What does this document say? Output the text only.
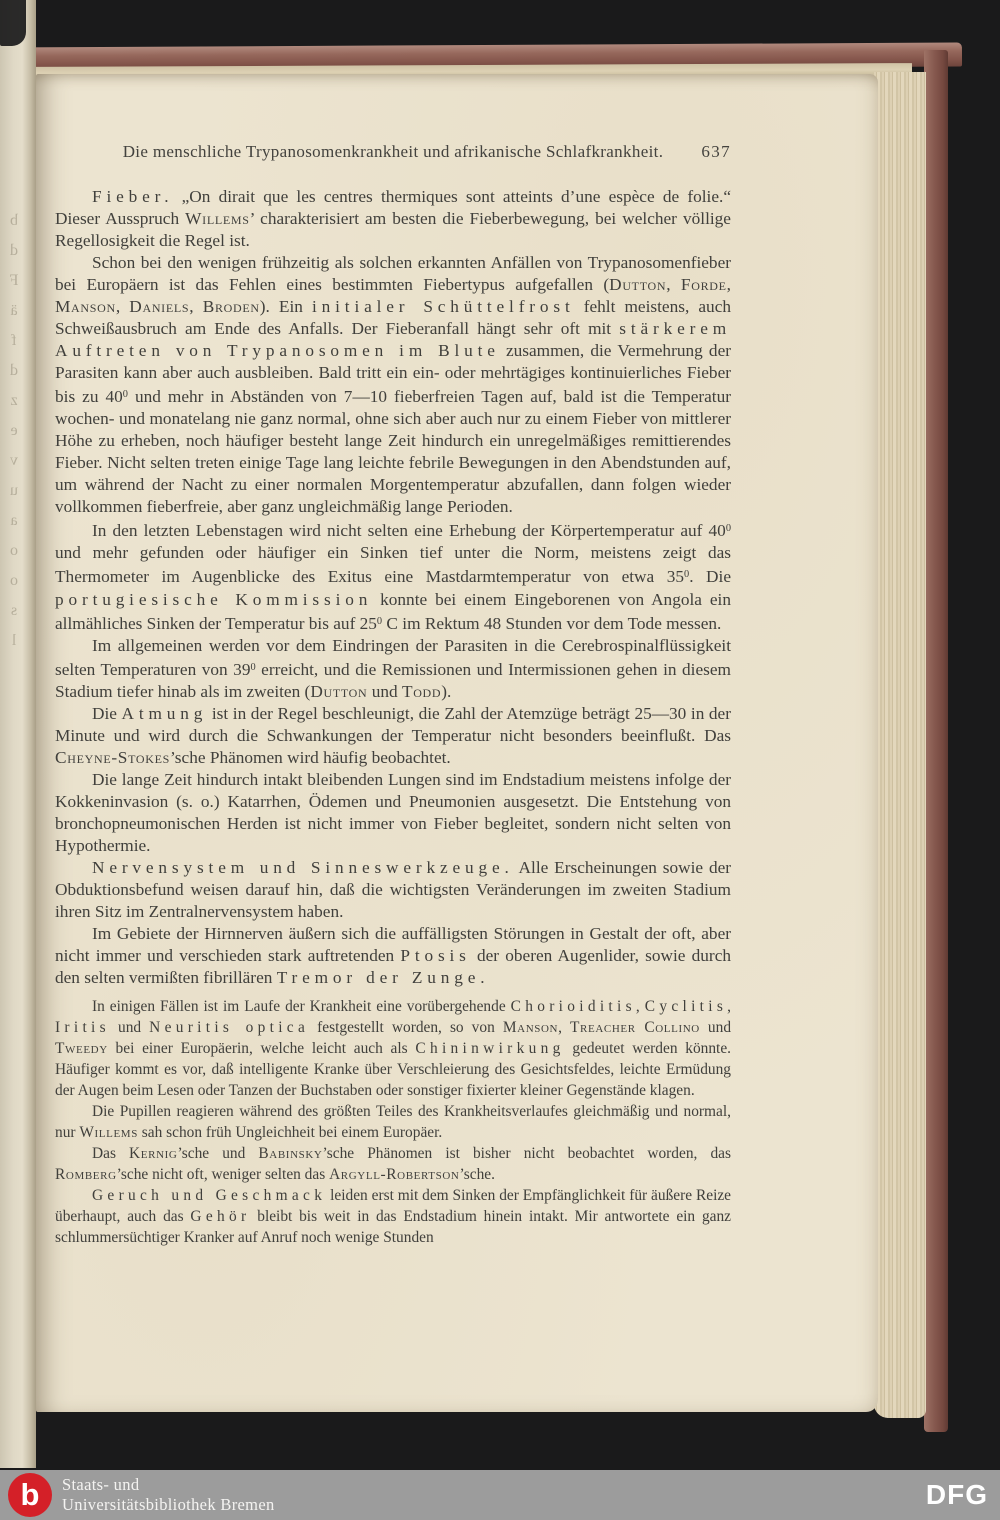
Die menschliche Trypanosomenkrankheit und afrikanische Schlafkrankheit. 637

Fieber. „On dirait que les centres thermiques sont atteints d’une espèce de folie.“ Dieser Ausspruch Willems’ charakterisiert am besten die Fieberbewegung, bei welcher völlige Regellosigkeit die Regel ist.

Schon bei den wenigen frühzeitig als solchen erkannten Anfällen von Trypanosomenfieber bei Europäern ist das Fehlen eines bestimmten Fiebertypus aufgefallen (Dutton, Forde, Manson, Daniels, Broden). Ein initialer Schüttelfrost fehlt meistens, auch Schweißausbruch am Ende des Anfalls. Der Fieberanfall hängt sehr oft mit stärkerem Auftreten von Trypanosomen im Blute zusammen, die Vermehrung der Parasiten kann aber auch ausbleiben. Bald tritt ein ein- oder mehrtägiges kontinuierliches Fieber bis zu $40^0$ und mehr in Abständen von 7—10 fieberfreien Tagen auf, bald ist die Temperatur wochen- und monatelang nie ganz normal, ohne sich aber auch nur zu einem Fieber von mittlerer Höhe zu erheben, noch häufiger besteht lange Zeit hindurch ein unregelmäßiges remittierendes Fieber. Nicht selten treten einige Tage lang leichte febrile Bewegungen in den Abendstunden auf, um während der Nacht zu einer normalen Morgentemperatur abzufallen, dann folgen wieder vollkommen fieberfreie, aber ganz ungleichmäßig lange Perioden.

In den letzten Lebenstagen wird nicht selten eine Erhebung der Körpertemperatur auf $40^0$ und mehr gefunden oder häufiger ein Sinken tief unter die Norm, meistens zeigt das Thermometer im Augenblicke des Exitus eine Mastdarmtemperatur von etwa $35^0$. Die portugiesische Kommission konnte bei einem Eingeborenen von Angola ein allmähliches Sinken der Temperatur bis auf $25^0$ C im Rektum 48 Stunden vor dem Tode messen.

Im allgemeinen werden vor dem Eindringen der Parasiten in die Cerebrospinalflüssigkeit selten Temperaturen von $39^0$ erreicht, und die Remissionen und Intermissionen gehen in diesem Stadium tiefer hinab als im zweiten (Dutton und Todd).

Die Atmung ist in der Regel beschleunigt, die Zahl der Atemzüge beträgt 25—30 in der Minute und wird durch die Schwankungen der Temperatur nicht besonders beeinflußt. Das Cheyne-Stokes’sche Phänomen wird häufig beobachtet.

Die lange Zeit hindurch intakt bleibenden Lungen sind im Endstadium meistens infolge der Kokkeninvasion (s. o.) Katarrhen, Ödemen und Pneumonien ausgesetzt. Die Entstehung von bronchopneumonischen Herden ist nicht immer von Fieber begleitet, sondern nicht selten von Hypothermie.

Nervensystem und Sinneswerkzeuge. Alle Erscheinungen sowie der Obduktionsbefund weisen darauf hin, daß die wichtigsten Veränderungen im zweiten Stadium ihren Sitz im Zentralnervensystem haben.

Im Gebiete der Hirnnerven äußern sich die auffälligsten Störungen in Gestalt der oft, aber nicht immer und verschieden stark auftretenden Ptosis der oberen Augenlider, sowie durch den selten vermißten fibrillären Tremor der Zunge.

In einigen Fällen ist im Laufe der Krankheit eine vorübergehende Chorioiditis, Cyclitis, Iritis und Neuritis optica festgestellt worden, so von Manson, Treacher Collino und Tweedy bei einer Europäerin, welche leicht auch als Chininwirkung gedeutet werden könnte. Häufiger kommt es vor, daß intelligente Kranke über Verschleierung des Gesichtsfeldes, leichte Ermüdung der Augen beim Lesen oder Tanzen der Buchstaben oder sonstiger fixierter kleiner Gegenstände klagen.

Die Pupillen reagieren während des größten Teiles des Krankheitsverlaufes gleichmäßig und normal, nur Willems sah schon früh Ungleichheit bei einem Europäer.

Das Kernig’sche und Babinsky’sche Phänomen ist bisher nicht beobachtet worden, das Romberg’sche nicht oft, weniger selten das Argyll-Robertson’sche.

Geruch und Geschmack leiden erst mit dem Sinken der Empfänglichkeit für äußere Reize überhaupt, auch das Gehör bleibt bis weit in das Endstadium hinein intakt. Mir antwortete ein ganz schlummersüchtiger Kranker auf Anruf noch wenige Stunden

b
d
F
ä
f
d
z
e
v
u
a
o
o
s
l
b Staats- und
Universitätsbibliothek Bremen	DFG
